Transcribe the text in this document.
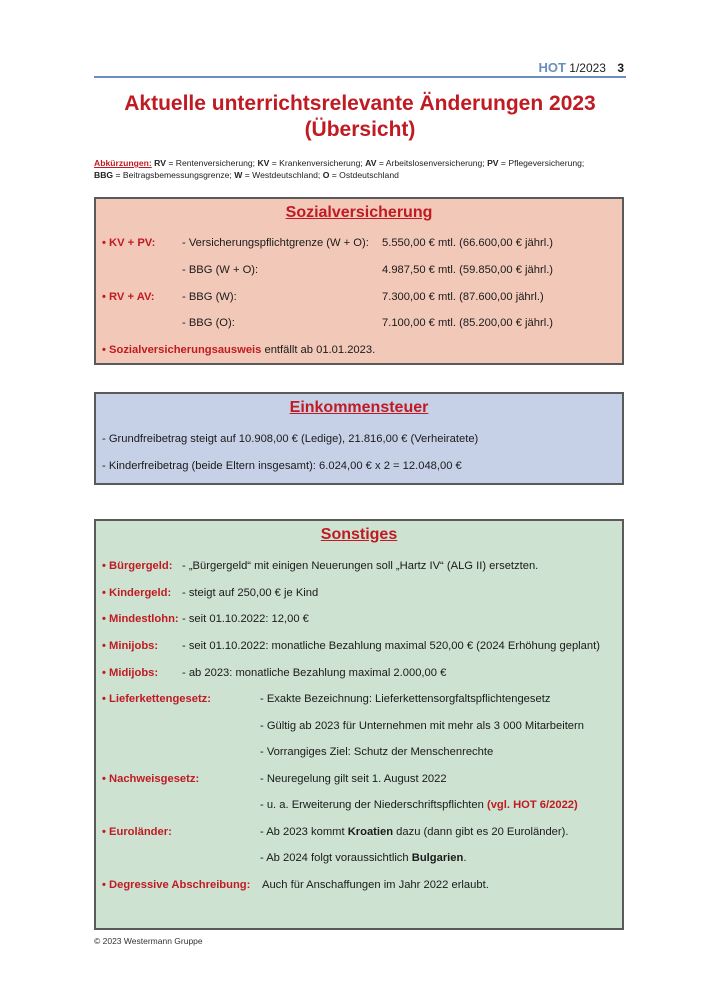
HOT 1/2023 3
Aktuelle unterrichtsrelevante Änderungen 2023
(Übersicht)
Abkürzungen: RV = Rentenversicherung; KV = Krankenversicherung; AV = Arbeitslosenversicherung; PV = Pflegeversicherung;
BBG = Beitragsbemessungsgrenze; W = Westdeutschland; O = Ostdeutschland
Sozialversicherung
• KV + PV: - Versicherungspflichtgrenze (W + O): 5.550,00 € mtl. (66.600,00 € jährl.)
- BBG (W + O):	4.987,50 € mtl. (59.850,00 € jährl.)
• RV + AV: - BBG (W):	7.300,00 € mtl. (87.600,00 jährl.)
- BBG (O):	7.100,00 € mtl. (85.200,00 € jährl.)
• Sozialversicherungsausweis entfällt ab 01.01.2023.
Einkommensteuer
- Grundfreibetrag steigt auf 10.908,00 € (Ledige), 21.816,00 € (Verheiratete)
- Kinderfreibetrag (beide Eltern insgesamt): 6.024,00 € x 2 = 12.048,00 €
Sonstiges
• Bürgergeld: - „Bürgergeld“ mit einigen Neuerungen soll „Hartz IV“ (ALG II) ersetzten.
• Kindergeld: - steigt auf 250,00 € je Kind
• Mindestlohn: - seit 01.10.2022: 12,00 €
• Minijobs: - seit 01.10.2022: monatliche Bezahlung maximal 520,00 € (2024 Erhöhung geplant)
• Midijobs: - ab 2023: monatliche Bezahlung maximal 2.000,00 €
• Lieferkettengesetz:	- Exakte Bezeichnung: Lieferkettensorgfaltspflichtengesetz
- Gültig ab 2023 für Unternehmen mit mehr als 3 000 Mitarbeitern
- Vorrangiges Ziel: Schutz der Menschenrechte
• Nachweisgesetz:	- Neuregelung gilt seit 1. August 2022
- u. a. Erweiterung der Niederschriftspflichten (vgl. HOT 6/2022)
• Euroländer:	- Ab 2023 kommt Kroatien dazu (dann gibt es 20 Euroländer).
- Ab 2024 folgt voraussichtlich Bulgarien.
• Degressive Abschreibung: Auch für Anschaffungen im Jahr 2022 erlaubt.
© 2023 Westermann Gruppe
